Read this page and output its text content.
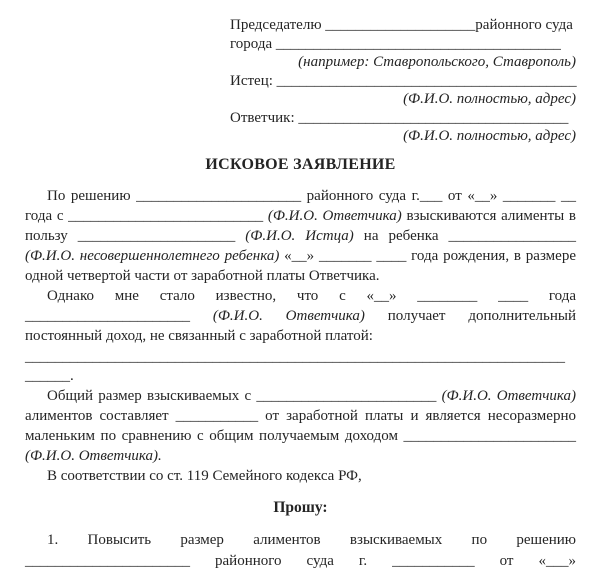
Председателю ____________________районного суда
города ______________________________________
(например: Ставропольского, Ставрополь)
Истец: ________________________________________
(Ф.И.О. полностью, адрес)
Ответчик: ____________________________________
(Ф.И.О. полностью, адрес)
ИСКОВОЕ ЗАЯВЛЕНИЕ

По решению ______________________ районного суда г.___ от «__» _______ __ года с __________________________ (Ф.И.О. Ответчика) взыскиваются алименты в пользу _____________________ (Ф.И.О. Истца) на ребенка _________________ (Ф.И.О. несовершеннолетнего ребенка) «__» _______ ____ года рождения, в размере одной четвертой части от заработной платы Ответчика.

Однако мне стало известно, что с «__» ________ ____ года ______________________ (Ф.И.О. Ответчика) получает дополнительный постоянный доход, не связанный с заработной платой:

________________________________________________________________________
______.

Общий размер взыскиваемых с ________________________ (Ф.И.О. Ответчика) алиментов составляет ___________ от заработной платы и является несоразмерно маленьким по сравнению с общим получаемым доходом _______________________ (Ф.И.О. Ответчика).

В соответствии со ст. 119 Семейного кодекса РФ,

Прошу:
1. Повысить размер алиментов взыскиваемых по решению
______________________ районного суда г. ___________ от «___»
